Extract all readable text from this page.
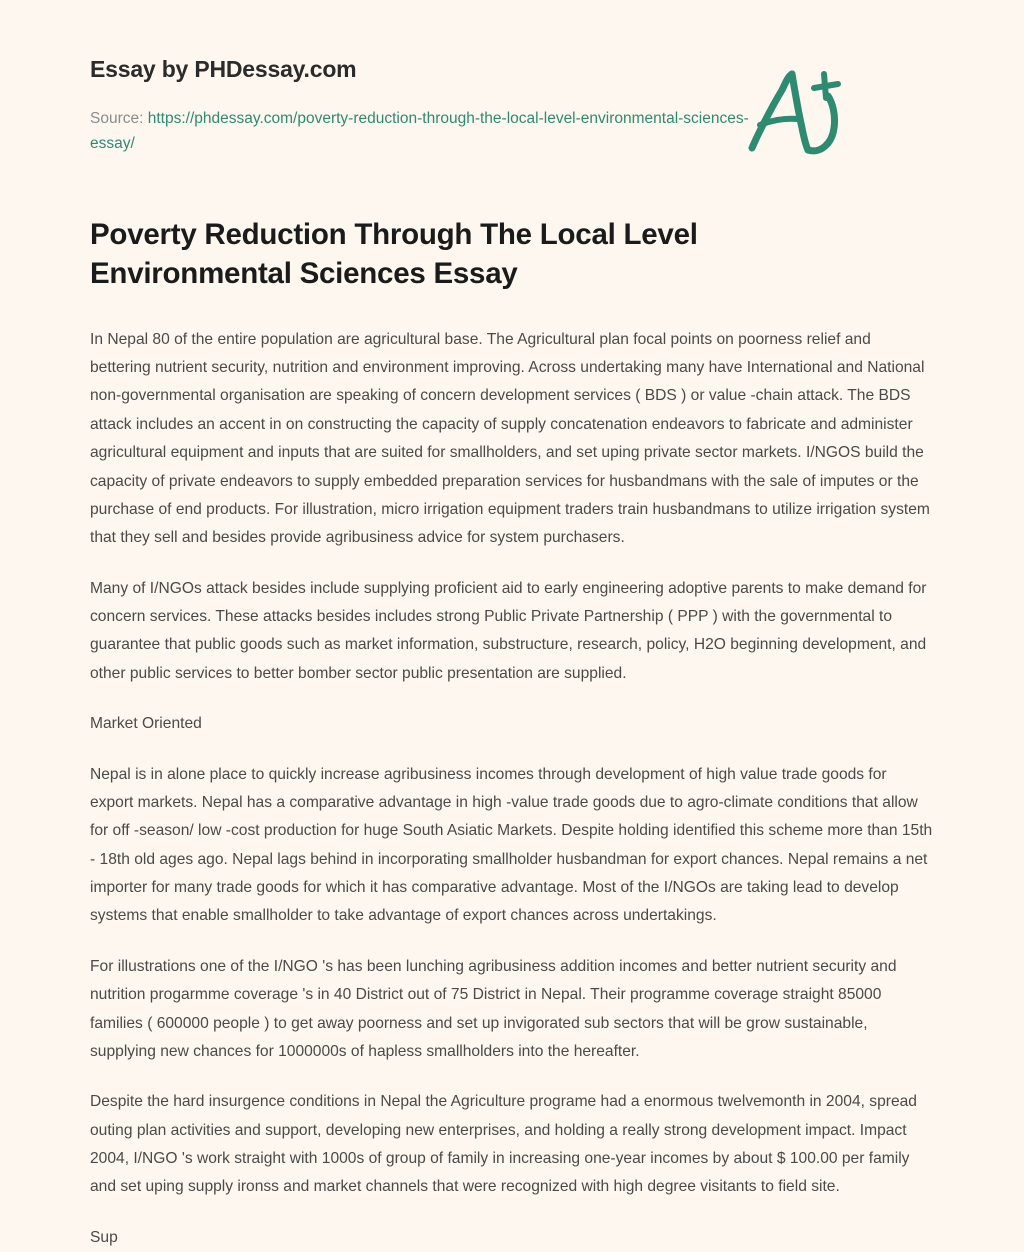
Essay by PHDessay.com
Source: https://phdessay.com/poverty-reduction-through-the-local-level-environmental-sciences-essay/
Poverty Reduction Through The Local Level Environmental Sciences Essay

In Nepal 80 of the entire population are agricultural base. The Agricultural plan focal points on poorness relief and bettering nutrient security, nutrition and environment improving. Across undertaking many have International and National non-governmental organisation are speaking of concern development services ( BDS ) or value -chain attack. The BDS attack includes an accent in on constructing the capacity of supply concatenation endeavors to fabricate and administer agricultural equipment and inputs that are suited for smallholders, and set uping private sector markets. I/NGOS build the capacity of private endeavors to supply embedded preparation services for husbandmans with the sale of imputes or the purchase of end products. For illustration, micro irrigation equipment traders train husbandmans to utilize irrigation system that they sell and besides provide agribusiness advice for system purchasers.

Many of I/NGOs attack besides include supplying proficient aid to early engineering adoptive parents to make demand for concern services. These attacks besides includes strong Public Private Partnership ( PPP ) with the governmental to guarantee that public goods such as market information, substructure, research, policy, H2O beginning development, and other public services to better bomber sector public presentation are supplied.

Market Oriented

Nepal is in alone place to quickly increase agribusiness incomes through development of high value trade goods for export markets. Nepal has a comparative advantage in high -value trade goods due to agro-climate conditions that allow for off -season/ low -cost production for huge South Asiatic Markets. Despite holding identified this scheme more than 15th - 18th old ages ago. Nepal lags behind in incorporating smallholder husbandman for export chances. Nepal remains a net importer for many trade goods for which it has comparative advantage. Most of the I/NGOs are taking lead to develop systems that enable smallholder to take advantage of export chances across undertakings.

For illustrations one of the I/NGO 's has been lunching agribusiness addition incomes and better nutrient security and nutrition progarmme coverage 's in 40 District out of 75 District in Nepal. Their programme coverage straight 85000 families ( 600000 people ) to get away poorness and set up invigorated sub sectors that will be grow sustainable, supplying new chances for 1000000s of hapless smallholders into the hereafter.

Despite the hard insurgence conditions in Nepal the Agriculture programe had a enormous twelvemonth in 2004, spread outing plan activities and support, developing new enterprises, and holding a really strong development impact. Impact 2004, I/NGO 's work straight with 1000s of group of family in increasing one-year incomes by about $ 100.00 per family and set uping supply ironss and market channels that were recognized with high degree visitants to field site.

Sup
